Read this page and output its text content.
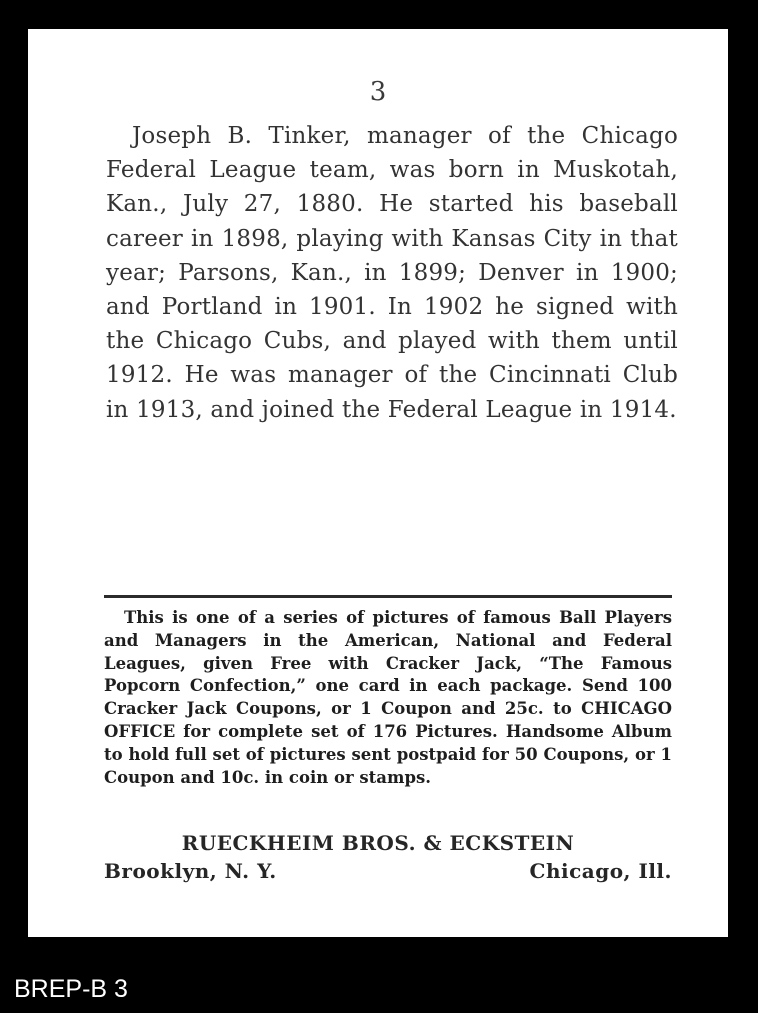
3

Joseph B. Tinker, manager of the Chicago Federal League team, was born in Muskotah, Kan., July 27, 1880. He started his baseball career in 1898, playing with Kansas City in that year; Parsons, Kan., in 1899; Denver in 1900; and Portland in 1901. In 1902 he signed with the Chicago Cubs, and played with them until 1912. He was manager of the Cincinnati Club in 1913, and joined the Federal League in 1914.

This is one of a series of pictures of famous Ball Players and Managers in the American, National and Federal Leagues, given Free with Cracker Jack, “The Famous Popcorn Confection,” one card in each package. Send 100 Cracker Jack Coupons, or 1 Coupon and 25c. to CHICAGO OFFICE for complete set of 176 Pictures. Handsome Album to hold full set of pictures sent postpaid for 50 Coupons, or 1 Coupon and 10c. in coin or stamps.

RUECKHEIM BROS. & ECKSTEIN
Brooklyn, N. Y.	Chicago, Ill.
BREP-B 3
